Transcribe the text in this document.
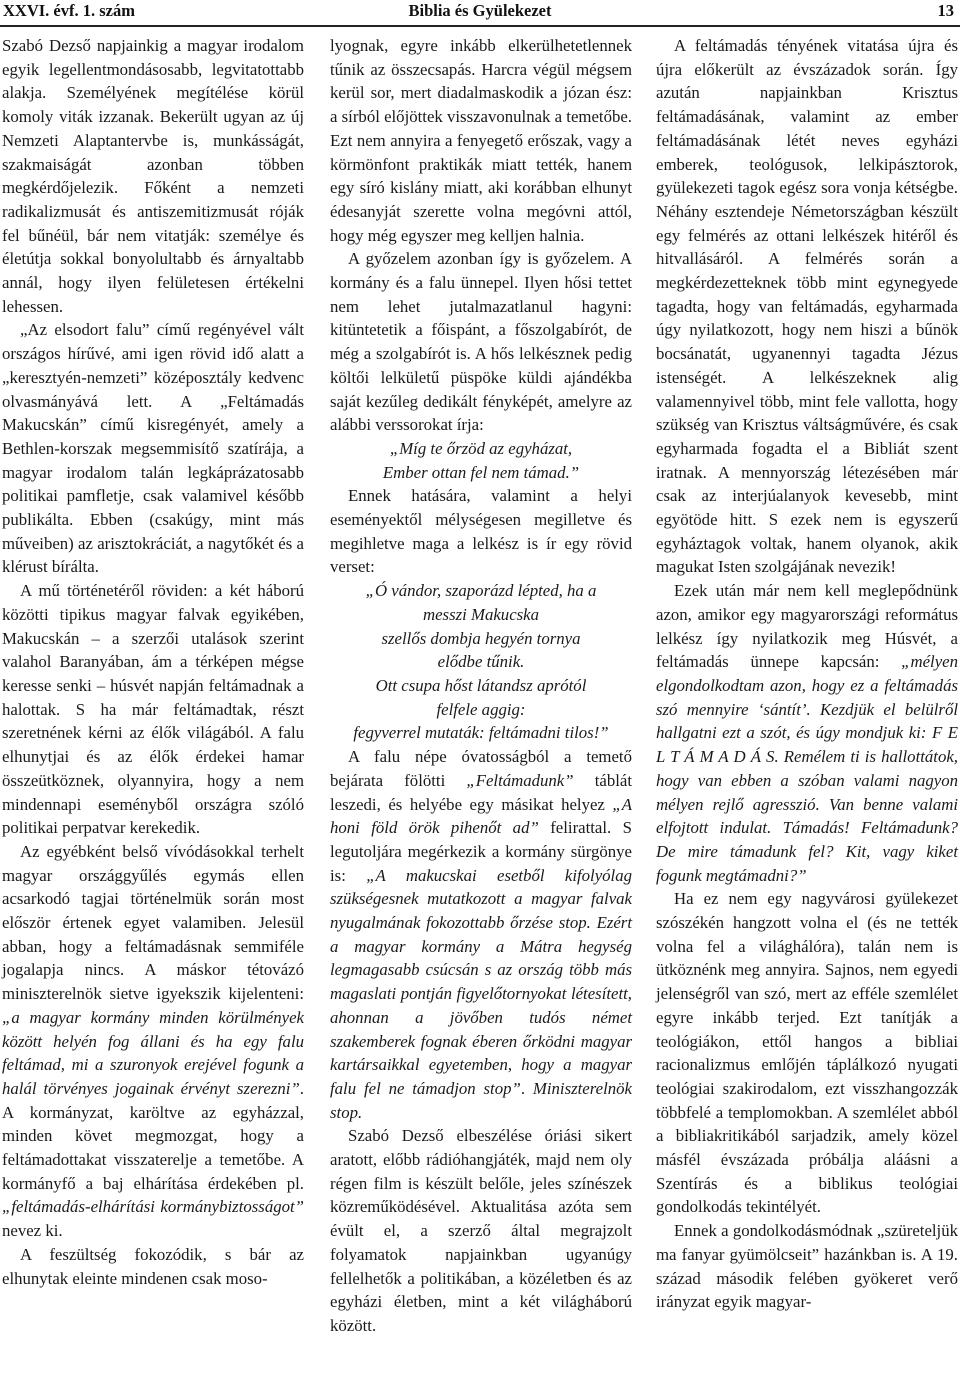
XXVI. évf. 1. szám	Biblia és Gyülekezet	13

Szabó Dezső napjainkig a magyar irodalom egyik legellentmondásosabb, legvitatottabb alakja. Személyének megítélése körül komoly viták izzanak. Bekerült ugyan az új Nemzeti Alaptantervbe is, munkásságát, szakmaiságát azonban többen megkérdőjelezik. Főként a nemzeti radikalizmusát és antiszemitizmusát róják fel bűnéül, bár nem vitatják: személye és életútja sokkal bonyolultabb és árnyaltabb annál, hogy ilyen felületesen értékelni lehessen.

„Az elsodort falu” című regényével vált országos hírűvé, ami igen rövid idő alatt a „keresztyén-nemzeti” középosztály kedvenc olvasmányává lett. A „Feltámadás Makucskán” című kisregényét, amely a Bethlen-korszak megsemmisítő szatírája, a magyar irodalom talán legkáprázatosabb politikai pamfletje, csak valamivel később publikálta. Ebben (csakúgy, mint más műveiben) az arisztokráciát, a nagytőkét és a klérust bírálta.

A mű történetéről röviden: a két háború közötti tipikus magyar falvak egyikében, Makucskán – a szerzői utalások szerint valahol Baranyában, ám a térképen mégse keresse senki – húsvét napján feltámadnak a halottak. S ha már feltámadtak, részt szeretnének kérni az élők világából. A falu elhunytjai és az élők érdekei hamar összeütköznek, olyannyira, hogy a nem mindennapi eseményből országra szóló politikai perpatvar kerekedik.

Az egyébként belső vívódásokkal terhelt magyar országgyűlés egymás ellen acsarkodó tagjai történelmük során most először értenek egyet valamiben. Jelesül abban, hogy a feltámadásnak semmiféle jogalapja nincs. A máskor tétovázó miniszterelnök sietve igyekszik kijelenteni: „a magyar kormány minden körülmények között helyén fog állani és ha egy falu feltámad, mi a szuronyok erejével fogunk a halál törvényes jogainak érvényt szerezni”. A kormányzat, karöltve az egyházzal, minden követ megmozgat, hogy a feltámadottakat visszaterelje a temetőbe. A kormányfő a baj elhárítása érdekében pl. „feltámadás-elhárítási kormánybiztosságot” nevez ki.

A feszültség fokozódik, s bár az elhunytak eleinte mindenen csak moso-

lyognak, egyre inkább elkerülhetetlennek tűnik az összecsapás. Harcra végül mégsem kerül sor, mert diadalmaskodik a józan ész: a sírból előjöttek visszavonulnak a temetőbe. Ezt nem annyira a fenyegető erőszak, vagy a körmönfont praktikák miatt tették, hanem egy síró kislány miatt, aki korábban elhunyt édesanyját szerette volna megóvni attól, hogy még egyszer meg kelljen halnia.

A győzelem azonban így is győzelem. A kormány és a falu ünnepel. Ilyen hősi tettet nem lehet jutalmazatlanul hagyni: kitüntetetik a főispánt, a főszolgabírót, de még a szolgabírót is. A hős lelkésznek pedig költői lelkületű püspöke küldi ajándékba saját kezűleg dedikált fényképét, amelyre az alábbi verssorokat írja:

„Míg te őrzöd az egyházat,
Ember ottan fel nem támad.”

Ennek hatására, valamint a helyi eseményektől mélységesen megilletve és megihletve maga a lelkész is ír egy rövid verset:

„Ó vándor, szaporázd lépted, ha a
messzi Makucska
szellős dombja hegyén tornya
elődbe tűnik.
Ott csupa hőst látandsz aprótól
felfele aggig:
fegyverrel mutaták: feltámadni tilos!”

A falu népe óvatosságból a temető bejárata fölötti „Feltámadunk” táblát leszedi, és helyébe egy másikat helyez „A honi föld örök pihenőt ad” felirattal. S legutoljára megérkezik a kormány sürgönye is: „A makucskai esetből kifolyólag szükségesnek mutatkozott a magyar falvak nyugalmának fokozottabb őrzése stop. Ezért a magyar kormány a Mátra hegység legmagasabb csúcsán s az ország több más magaslati pontján figyelőtornyokat létesített, ahonnan a jövőben tudós német szakemberek fognak éberen őrködni magyar kartársaikkal egyetemben, hogy a magyar falu fel ne támadjon stop”. Miniszterelnök stop.

Szabó Dezső elbeszélése óriási sikert aratott, előbb rádióhangjáték, majd nem oly régen film is készült belőle, jeles színészek közreműködésével. Aktualitása azóta sem évült el, a szerző által megrajzolt folyamatok napjainkban ugyanúgy fellelhetők a politikában, a közéletben és az egyházi életben, mint a két világháború között.

A feltámadás tényének vitatása újra és újra előkerült az évszázadok során. Így azután napjainkban Krisztus feltámadásának, valamint az ember feltámadásának létét neves egyházi emberek, teológusok, lelkipásztorok, gyülekezeti tagok egész sora vonja kétségbe. Néhány esztendeje Németországban készült egy felmérés az ottani lelkészek hitéről és hitvallásáról. A felmérés során a megkérdezetteknek több mint egynegyede tagadta, hogy van feltámadás, egyharmada úgy nyilatkozott, hogy nem hiszi a bűnök bocsánatát, ugyanennyi tagadta Jézus istenségét. A lelkészeknek alig valamennyivel több, mint fele vallotta, hogy szükség van Krisztus váltságművére, és csak egyharmada fogadta el a Bibliát szent iratnak. A mennyország létezésében már csak az interjúalanyok kevesebb, mint egyötöde hitt. S ezek nem is egyszerű egyháztagok voltak, hanem olyanok, akik magukat Isten szolgájának nevezik!

Ezek után már nem kell meglepődnünk azon, amikor egy magyarországi református lelkész így nyilatkozik meg Húsvét, a feltámadás ünnepe kapcsán: „mélyen elgondolkodtam azon, hogy ez a feltámadás szó mennyire ‘sántít’. Kezdjük el belülről hallgatni ezt a szót, és úgy mondjuk ki: F E L T Á M A D Á S. Remélem ti is hallottátok, hogy van ebben a szóban valami nagyon mélyen rejlő agresszió. Van benne valami elfojtott indulat. Támadás! Feltámadunk? De mire támadunk fel? Kit, vagy kiket fogunk megtámadni?”

Ha ez nem egy nagyvárosi gyülekezet szószékén hangzott volna el (és ne tették volna fel a világhálóra), talán nem is ütköznénk meg annyira. Sajnos, nem egyedi jelenségről van szó, mert az efféle szemlélet egyre inkább terjed. Ezt tanítják a teológiákon, ettől hangos a bibliai racionalizmus emlőjén táplálkozó nyugati teológiai szakirodalom, ezt visszhangozzák többfelé a templomokban. A szemlélet abból a bibliakritikából sarjadzik, amely közel másfél évszázada próbálja aláásni a Szentírás és a biblikus teológiai gondolkodás tekintélyét.

Ennek a gondolkodásmódnak „szüreteljük ma fanyar gyümölcseit” hazánkban is. A 19. század második felében gyökeret verő irányzat egyik magyar-
